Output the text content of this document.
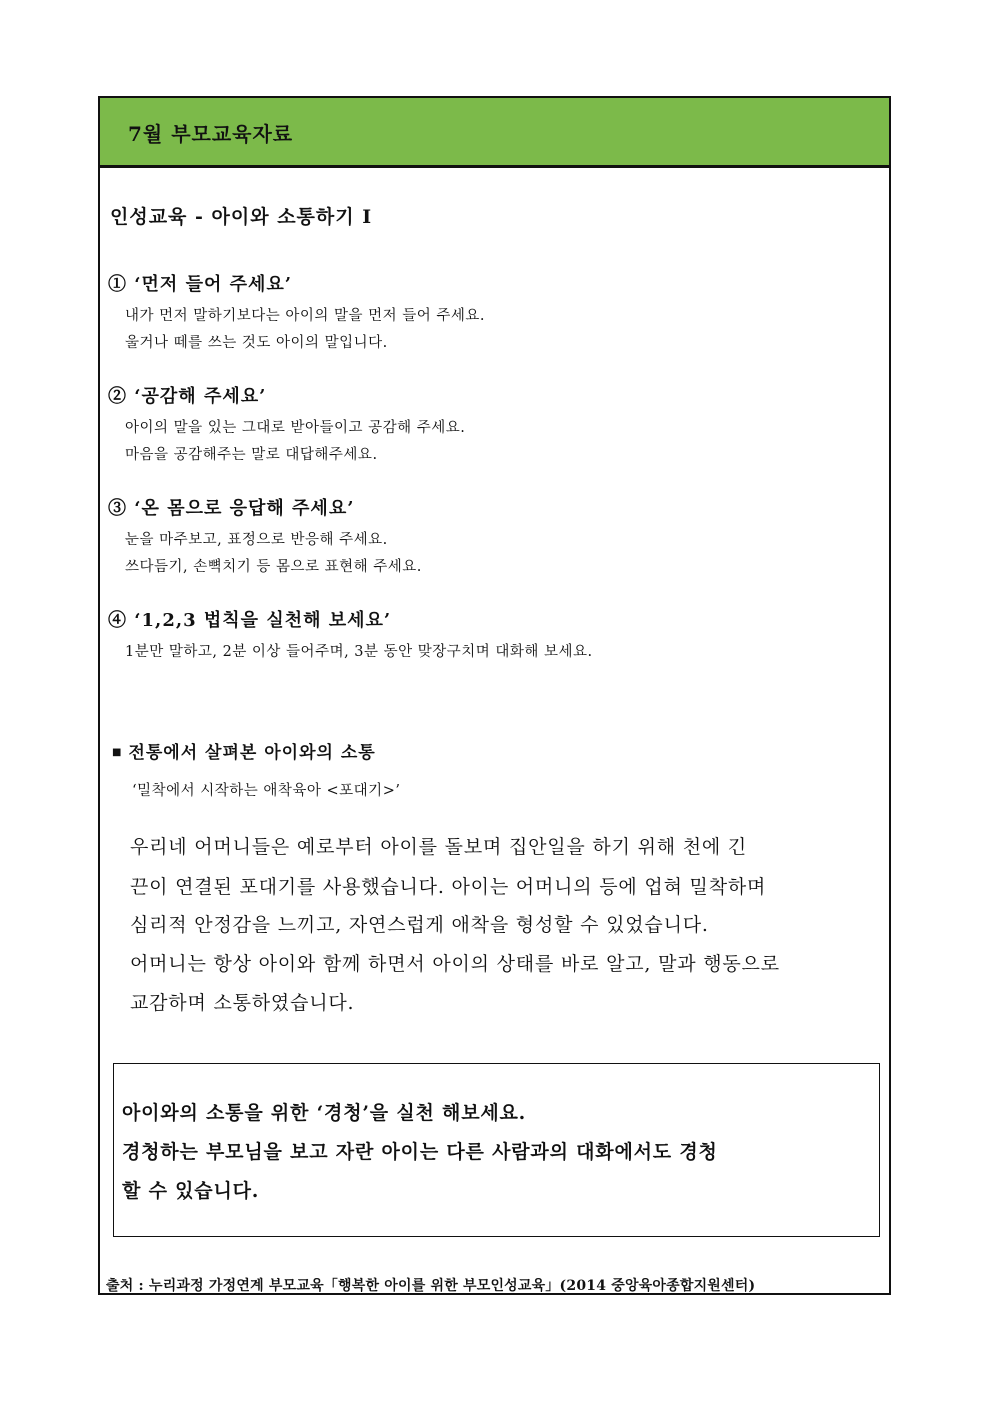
7월 부모교육자료
인성교육 - 아이와 소통하기 Ⅰ
① ‘먼저 들어 주세요’
내가 먼저 말하기보다는 아이의 말을 먼저 들어 주세요.
울거나 떼를 쓰는 것도 아이의 말입니다.
② ‘공감해 주세요’
아이의 말을 있는 그대로 받아들이고 공감해 주세요.
마음을 공감해주는 말로 대답해주세요.
③ ‘온 몸으로 응답해 주세요’
눈을 마주보고, 표정으로 반응해 주세요.
쓰다듬기, 손뼉치기 등 몸으로 표현해 주세요.
④ ‘1,2,3 법칙을 실천해 보세요’
1분만 말하고, 2분 이상 들어주며, 3분 동안 맞장구치며 대화해 보세요.
■ 전통에서 살펴본 아이와의 소통
‘밀착에서 시작하는 애착육아 <포대기>’
우리네 어머니들은 예로부터 아이를 돌보며 집안일을 하기 위해 천에 긴
끈이 연결된 포대기를 사용했습니다. 아이는 어머니의 등에 업혀 밀착하며
심리적 안정감을 느끼고, 자연스럽게 애착을 형성할 수 있었습니다.
어머니는 항상 아이와 함께 하면서 아이의 상태를 바로 알고, 말과 행동으로
교감하며 소통하였습니다.
아이와의 소통을 위한 ‘경청’을 실천 해보세요.
경청하는 부모님을 보고 자란 아이는 다른 사람과의 대화에서도 경청
할 수 있습니다.
출처 : 누리과정 가정연계 부모교육「행복한 아이를 위한 부모인성교육」(2014 중앙육아종합지원센터)
